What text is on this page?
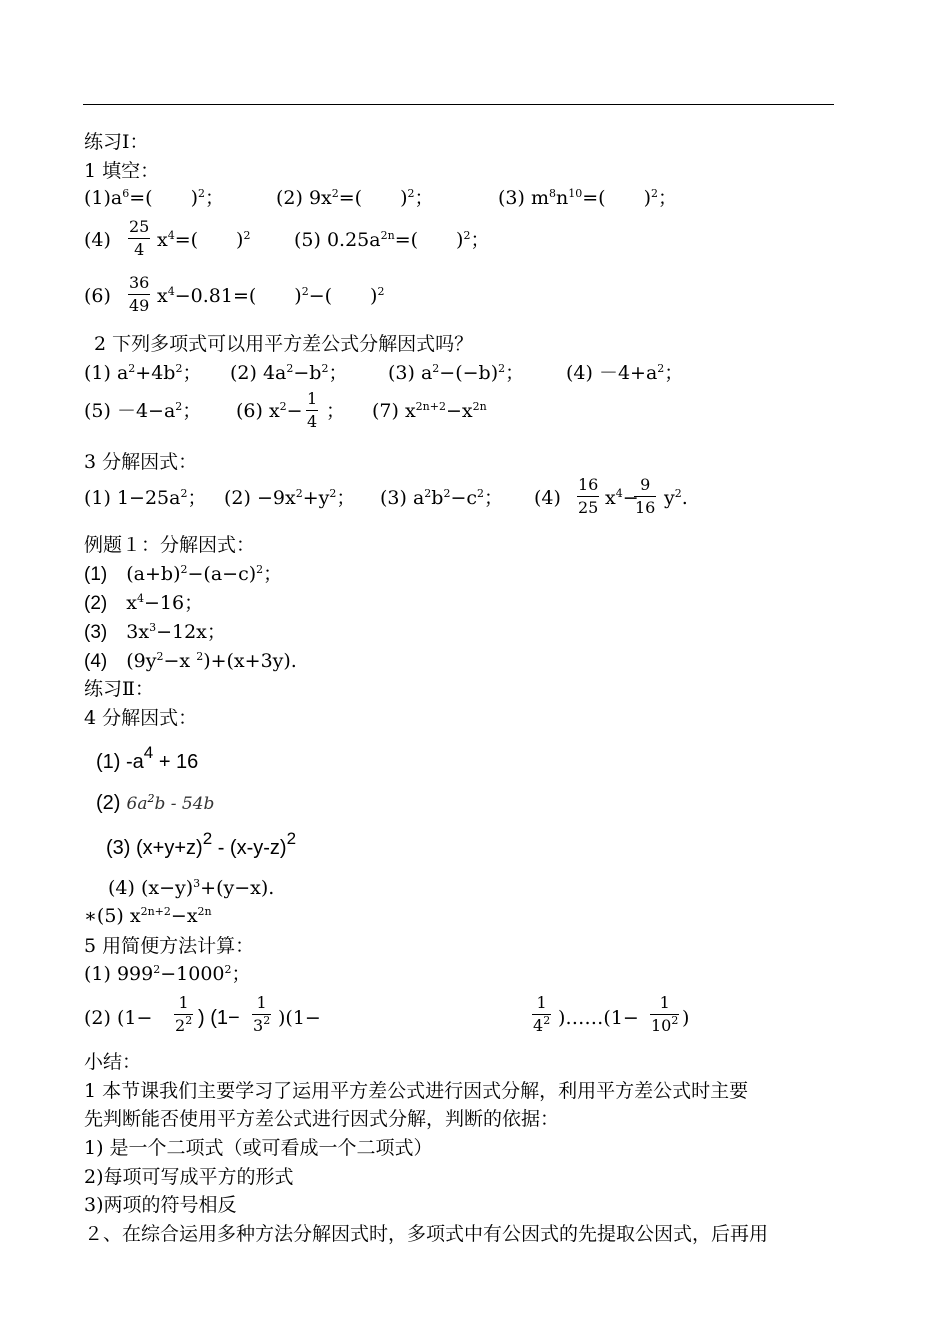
练习Ⅰ：
1 填空：
$(1)a^6=$(　　)$^2$；	(2) $9x^2=$(　　)$^2$；	(3) $m^8n^{10}=$(　　)$^2$；
$(4) \frac{25}{4} x^4=$(　　)$^2$ (5) $0.25a^{2n}=$(　　)$^2$；
$(6) \frac{36}{49} x^4-0.81=$(　　)$^2$−(　　)$^2$
2 下列多项式可以用平方差公式分解因式吗？
(1) $a^2+4b^2$； (2) $4a^2-b^2$； (3) $a^2-(-b)^2$； $(4) -4+a^2$；
$(5) -4-a^2$； (6) $x^2- \frac{1}{4}$ ； (7) $x^{2n+2}-x^{2n}$
3 分解因式：
(1) $1-25a^2$； $(2) -9x^2+y^2$； (3) $a^2b^2-c^2$； $(4) \frac{16}{25} x^4-$
$\frac{9}{16} y^2$.
例题１：分解因式：
(1)　 $(a+b)^2-(a-c)^2$；
(2)　 $x^4-16$；
(3)　 $3x^3-12x$；
(4)　 ($9y^2-x$ $^2$)+(x+3y).
练习Ⅱ：
4 分解因式：
(1) $-a^4 + 16$
(2) $6a^2b - 54b$
(3) $(x+y+z)^2 - (x-y-z)^2$
(4) $(x-y)^3+(y-x)$.
∗(5) $x^{2n+2}-x^{2n}$
5 用简便方法计算：
(1) $999^2-1000^2$；
(2) ($1- \frac{1}{2^2}$ ) $(1- \frac{1}{3^2} )(1-$	$\frac{1}{4^2}$ )……(1− $\frac{1}{10^2}$ )
小结：
1 本节课我们主要学习了运用平方差公式进行因式分解，利用平方差公式时主要
先判断能否使用平方差公式进行因式分解，判断的依据：
1) 是一个二项式（或可看成一个二项式）
2)每项可写成平方的形式
3)两项的符号相反
２、在综合运用多种方法分解因式时，多项式中有公因式的先提取公因式，后再用
